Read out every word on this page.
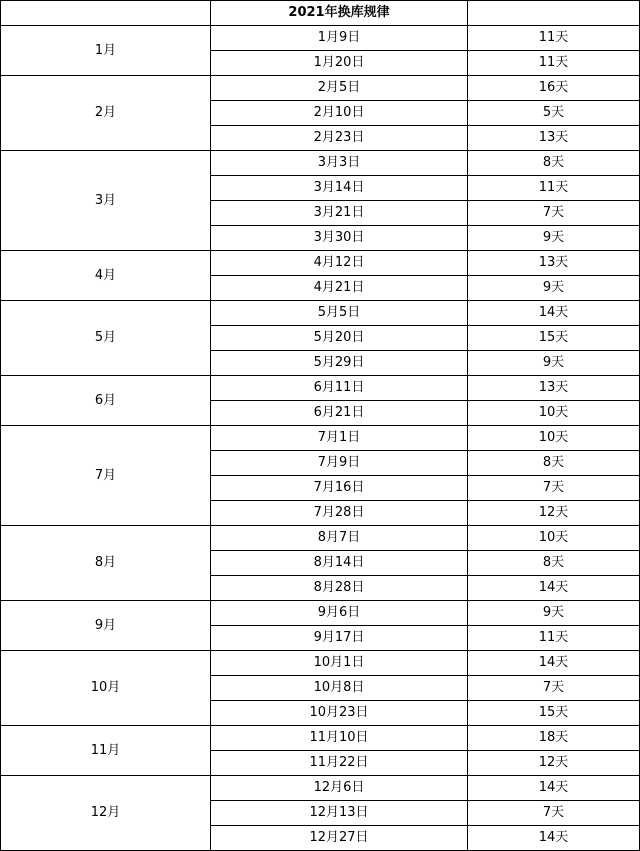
	2021年换库规律	
1月	1月9日	11天
	1月20日	11天
2月	2月5日	16天
	2月10日	5天
	2月23日	13天
3月	3月3日	8天
	3月14日	11天
	3月21日	7天
	3月30日	9天
4月	4月12日	13天
	4月21日	9天
5月	5月5日	14天
	5月20日	15天
	5月29日	9天
6月	6月11日	13天
	6月21日	10天
7月	7月1日	10天
	7月9日	8天
	7月16日	7天
	7月28日	12天
8月	8月7日	10天
	8月14日	8天
	8月28日	14天
9月	9月6日	9天
	9月17日	11天
10月	10月1日	14天
	10月8日	7天
	10月23日	15天
11月	11月10日	18天
	11月22日	12天
12月	12月6日	14天
	12月13日	7天
	12月27日	14天
